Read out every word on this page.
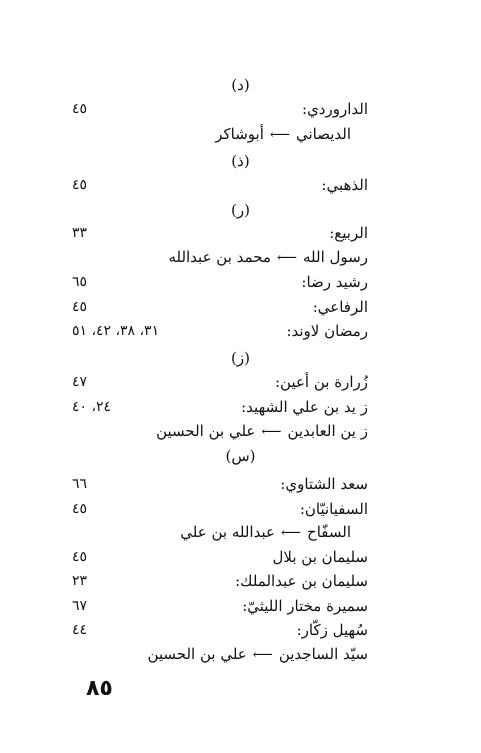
(د)
الداروردي:
٤٥
الديصاني⟵أبوشاكر
(ذ)
الذهبي:
٤٥
(ر)
الربيع:
٣٣
رسول الله⟵محمد بن عبدالله
رشيد رضا:
٦٥
الرفاعي:
٤٥
رمضان لاوند:
٣١، ٣٨، ٤٢، ٥١
(ز)
زُرارة بن أعين:
٤٧
ز يد بن علي الشهيد:
٢٤، ٤٠
ز ين العابدين⟵علي بن الحسين
(س)
سعد الشتاوي:
٦٦
السفيانيّان:
٤٥
السفّاح⟵عبدالله بن علي
سليمان بن بلال
٤٥
سليمان بن عبدالملك:
٢٣
سميرة مختار الليثيّ:
٦٧
سُهيل زكّار:
٤٤
سيّد الساجدين⟵علي بن الحسين
٨٥
